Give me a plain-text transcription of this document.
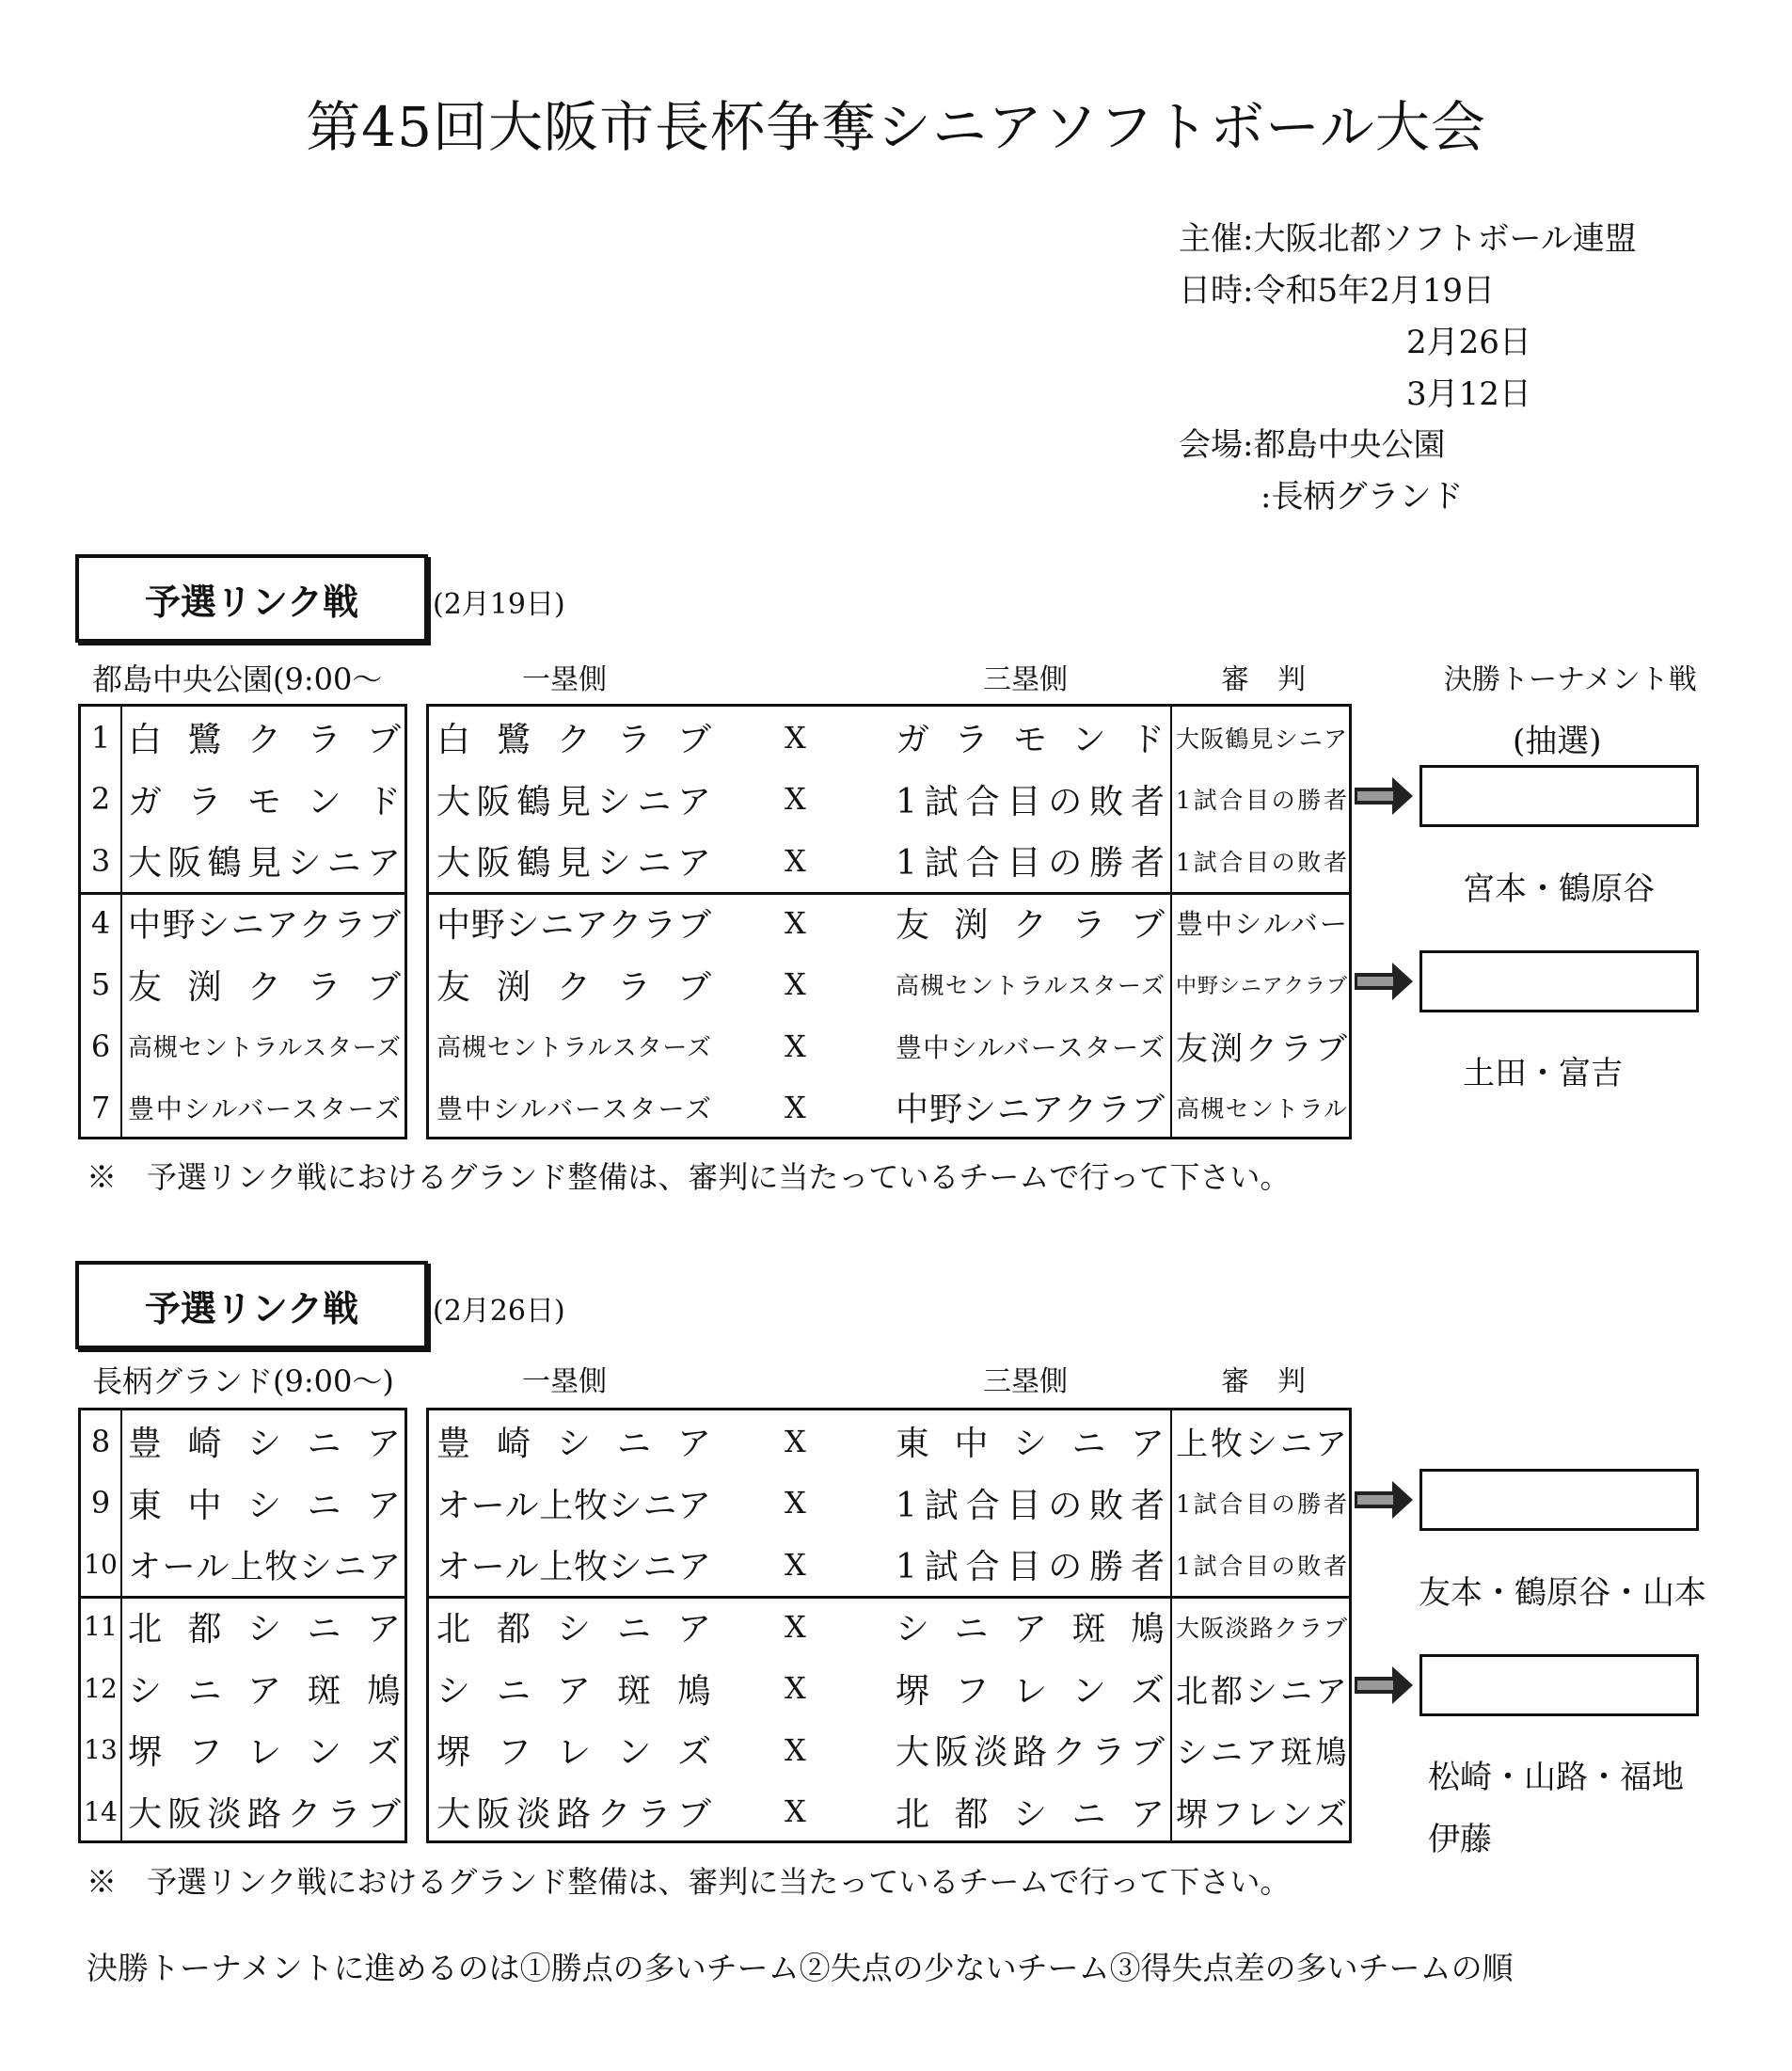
第45回大阪市長杯争奪シニアソフトボール大会
主催:大阪北都ソフトボール連盟
日時:令和5年2月19日
2月26日
3月12日
会場:都島中央公園
:長柄グランド
予選リンク戦	(2月19日)
都島中央公園(9:00〜	一塁側	三塁側	審　判	決勝トーナメント戦
(抽選)
1 白鷺クラブ
2 ガラモンド
3 大阪鶴見シニア
4 中野シニアクラブ
5 友渕クラブ
6 高槻セントラルスターズ
7 豊中シルバースターズ
白鷺クラブ X	ガラモンド 大阪鶴見シニア
大阪鶴見シニア X	1試合目の敗者 1試合目の勝者
大阪鶴見シニア X	1試合目の勝者 1試合目の敗者
中野シニアクラブ X	友渕クラブ 豊中シルバー
友渕クラブ X	高槻セントラルスターズ 中野シニアクラブ
高槻セントラルスターズ X	豊中シルバースターズ 友渕クラブ
豊中シルバースターズ X	中野シニアクラブ 高槻セントラル
宮本・鶴原谷
土田・富吉
※　予選リンク戦におけるグランド整備は、審判に当たっているチームで行って下さい。
予選リンク戦	(2月26日)
長柄グランド(9:00〜)	一塁側	三塁側	審　判
8 豊崎シニア
9 東中シニア
10 オール上牧シニア
11 北都シニア
12 シニア斑鳩
13 堺フレンズ
14 大阪淡路クラブ
豊崎シニア X	東中シニア 上牧シニア
オール上牧シニア X	1試合目の敗者 1試合目の勝者
オール上牧シニア X	1試合目の勝者 1試合目の敗者
北都シニア X	シニア斑鳩 大阪淡路クラブ
シニア斑鳩 X	堺フレンズ 北都シニア
堺フレンズ X	大阪淡路クラブ シニア斑鳩
大阪淡路クラブ X	北都シニア 堺フレンズ
友本・鶴原谷・山本
松崎・山路・福地
伊藤
※　予選リンク戦におけるグランド整備は、審判に当たっているチームで行って下さい。
決勝トーナメントに進めるのは①勝点の多いチーム②失点の少ないチーム③得失点差の多いチームの順
